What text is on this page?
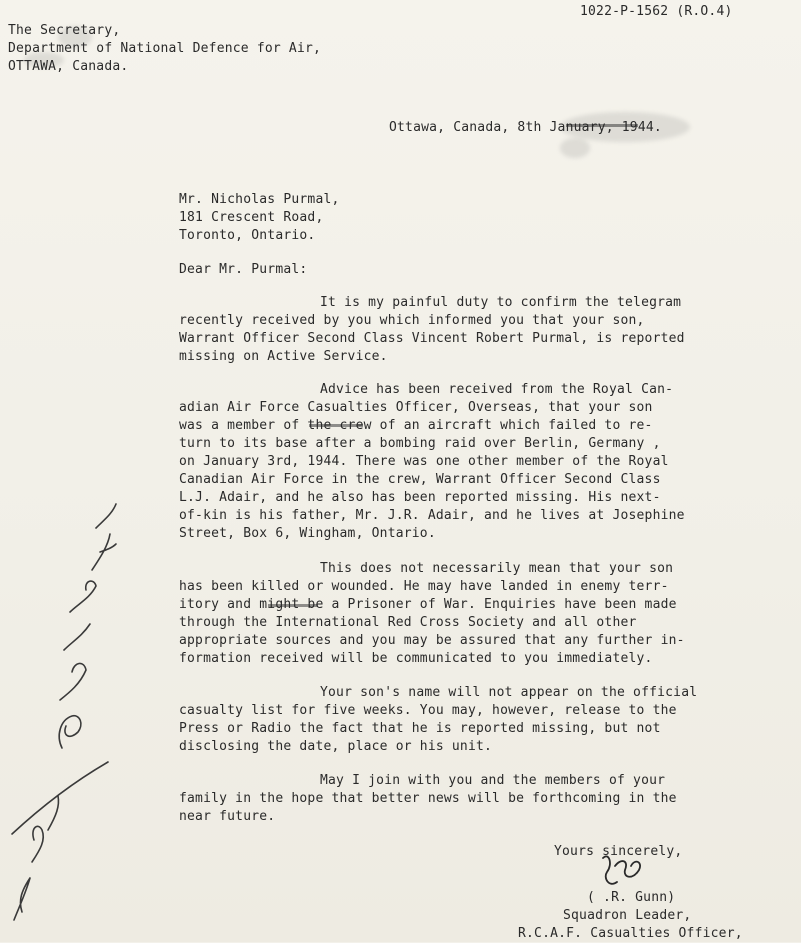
1022-P-1562 (R.O.4)
The Secretary,
Department of National Defence for Air,
OTTAWA, Canada.
Ottawa, Canada, 8th January, 1944.
Mr. Nicholas Purmal,
181 Crescent Road,
Toronto, Ontario.
Dear Mr. Purmal:
It is my painful duty to confirm the telegram
recently received by you which informed you that your son,
Warrant Officer Second Class Vincent Robert Purmal, is reported
missing on Active Service.
Advice has been received from the Royal Can-
adian Air Force Casualties Officer, Overseas, that your son
was a member of the crew of an aircraft which failed to re-
turn to its base after a bombing raid over Berlin, Germany ,
on January 3rd, 1944. There was one other member of the Royal
Canadian Air Force in the crew, Warrant Officer Second Class
L.J. Adair, and he also has been reported missing. His next-
of-kin is his father, Mr. J.R. Adair, and he lives at Josephine
Street, Box 6, Wingham, Ontario.
This does not necessarily mean that your son
has been killed or wounded. He may have landed in enemy terr-
itory and might be a Prisoner of War. Enquiries have been made
through the International Red Cross Society and all other
appropriate sources and you may be assured that any further in-
formation received will be communicated to you immediately.
Your son's name will not appear on the official
casualty list for five weeks. You may, however, release to the
Press or Radio the fact that he is reported missing, but not
disclosing the date, place or his unit.
May I join with you and the members of your
family in the hope that better news will be forthcoming in the
near future.
Yours sincerely,
( .R. Gunn)
Squadron Leader,
R.C.A.F. Casualties Officer,
